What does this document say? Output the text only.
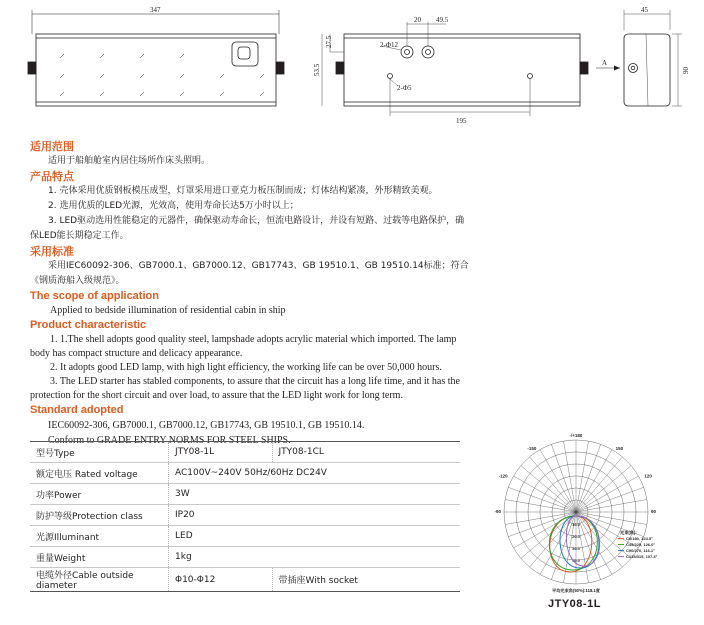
347
20 49.5
27.5
53.5
2-Φ12
2-Φ5
195
45
90
A
适用范围

适用于船舶舱室内居住场所作床头照明。

产品特点

1. 壳体采用优质钢板模压成型，灯罩采用进口亚克力板压制而成；灯体结构紧凑，外形精致美观。

2. 选用优质的LED光源，光效高，使用寿命长达5万小时以上；

3. LED驱动选用性能稳定的元器件，确保驱动寿命长，恒流电路设计，并设有短路、过载等电路保护，确保LED能长期稳定工作。

采用标准

采用IEC60092-306、GB7000.1、GB7000.12、GB17743、GB 19510.1、GB 19510.14标准；符合《钢质海船入级规范》。

The scope of application

Applied to bedside illumination of residential cabin in ship

Product characteristic

1. 1.The shell adopts good quality steel, lampshade adopts acrylic material which imported. The lamp body has compact structure and delicacy appearance.

2. It adopts good LED lamp, with high light efficiency, the working life can be over 50,000 hours.

3. The LED starter has stabled components, to assure that the circuit has a long life time, and it has the protection for the short circuit and over load, to assure that the LED light work for long term.

Standard adopted

IEC60092-306, GB7000.1, GB7000.12, GB17743, GB 19510.1, GB 19510.14.

Conform to GRADE ENTRY NORMS FOR STEEL SHIPS.

型号Type	JTY08-1L	JTY08-1CL
额定电压 Rated voltage	AC100V~240V 50Hz/60Hz DC24V	
功率Power	3W	
防护等级Protection class	IP20	
光源Illuminant	LED	
重量Weight	1kg	
电缆外径Cable outside diameter	Φ10-Φ12	带插座With socket
-/+180
-150
-120
-90
150
120
90
10.0
20.0
30.0
40.0
光束(角):
C0/180, 124.5°
C45/225, 126.0°
C90/270, 116.1°
C135/315, 107.3°
平均光束角(50%):118.1度
JTY08-1L
